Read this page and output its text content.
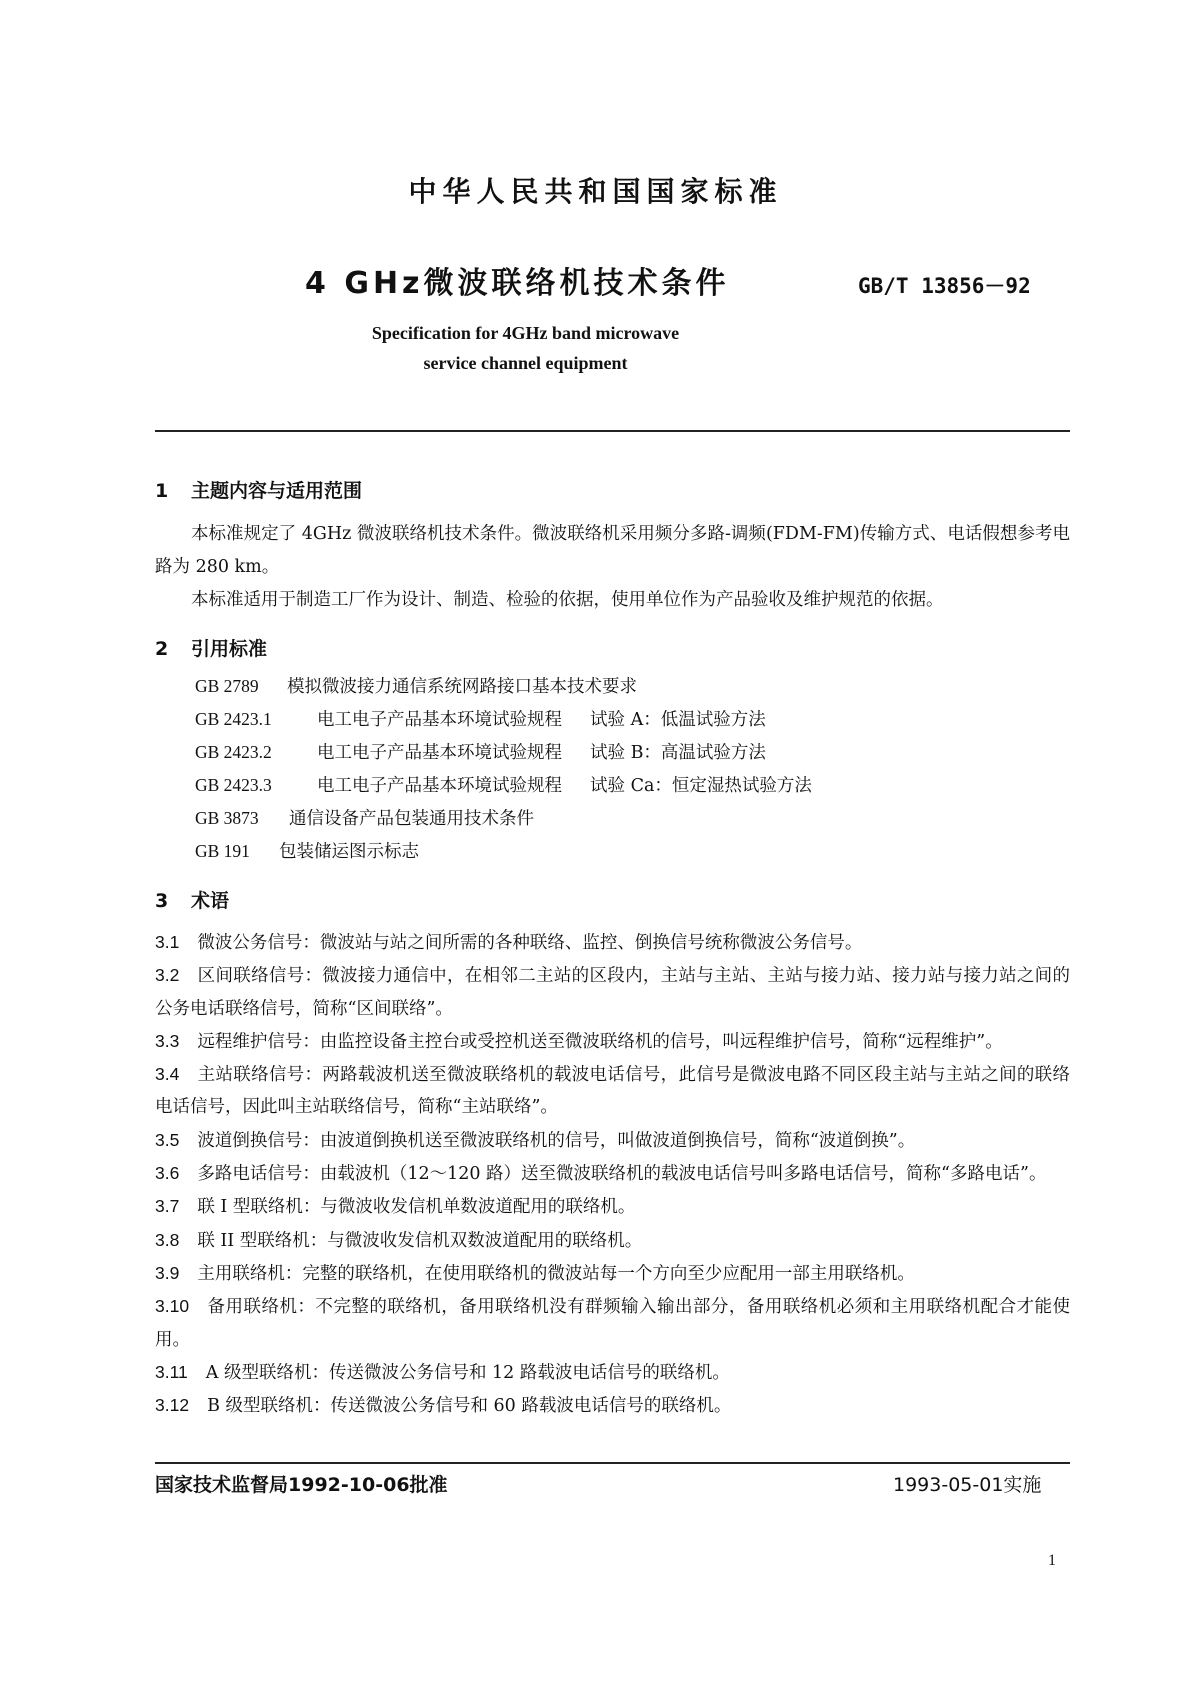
中华人民共和国国家标准
4 GHz微波联络机技术条件	GB/T 13856－92
Specification for 4GHz band microwave
service channel equipment
1 主题内容与适用范围
本标准规定了 4GHz 微波联络机技术条件。微波联络机采用频分多路-调频(FDM-FM)传输方式、电话假想参考电路为 280 km。
本标准适用于制造工厂作为设计、制造、检验的依据，使用单位作为产品验收及维护规范的依据。
2 引用标准
GB 2789 模拟微波接力通信系统网路接口基本技术要求
GB 2423.1	电工电子产品基本环境试验规程 试验 A：低温试验方法
GB 2423.2	电工电子产品基本环境试验规程 试验 B：高温试验方法
GB 2423.3	电工电子产品基本环境试验规程 试验 Ca：恒定湿热试验方法
GB 3873 通信设备产品包装通用技术条件
GB 191 包装储运图示标志
3 术语
3.1 微波公务信号：微波站与站之间所需的各种联络、监控、倒换信号统称微波公务信号。
3.2 区间联络信号：微波接力通信中，在相邻二主站的区段内，主站与主站、主站与接力站、接力站与接力站之间的公务电话联络信号，简称“区间联络”。
3.3 远程维护信号：由监控设备主控台或受控机送至微波联络机的信号，叫远程维护信号，简称“远程维护”。
3.4 主站联络信号：两路载波机送至微波联络机的载波电话信号，此信号是微波电路不同区段主站与主站之间的联络电话信号，因此叫主站联络信号，简称“主站联络”。
3.5 波道倒换信号：由波道倒换机送至微波联络机的信号，叫做波道倒换信号，简称“波道倒换”。
3.6 多路电话信号：由载波机（12～120 路）送至微波联络机的载波电话信号叫多路电话信号，简称“多路电话”。
3.7 联 I 型联络机：与微波收发信机单数波道配用的联络机。
3.8 联 II 型联络机：与微波收发信机双数波道配用的联络机。
3.9 主用联络机：完整的联络机，在使用联络机的微波站每一个方向至少应配用一部主用联络机。
3.10 备用联络机：不完整的联络机，备用联络机没有群频输入输出部分，备用联络机必须和主用联络机配合才能使用。
3.11 A 级型联络机：传送微波公务信号和 12 路载波电话信号的联络机。
3.12 B 级型联络机：传送微波公务信号和 60 路载波电话信号的联络机。
国家技术监督局1992-10-06批准	1993-05-01实施
1
